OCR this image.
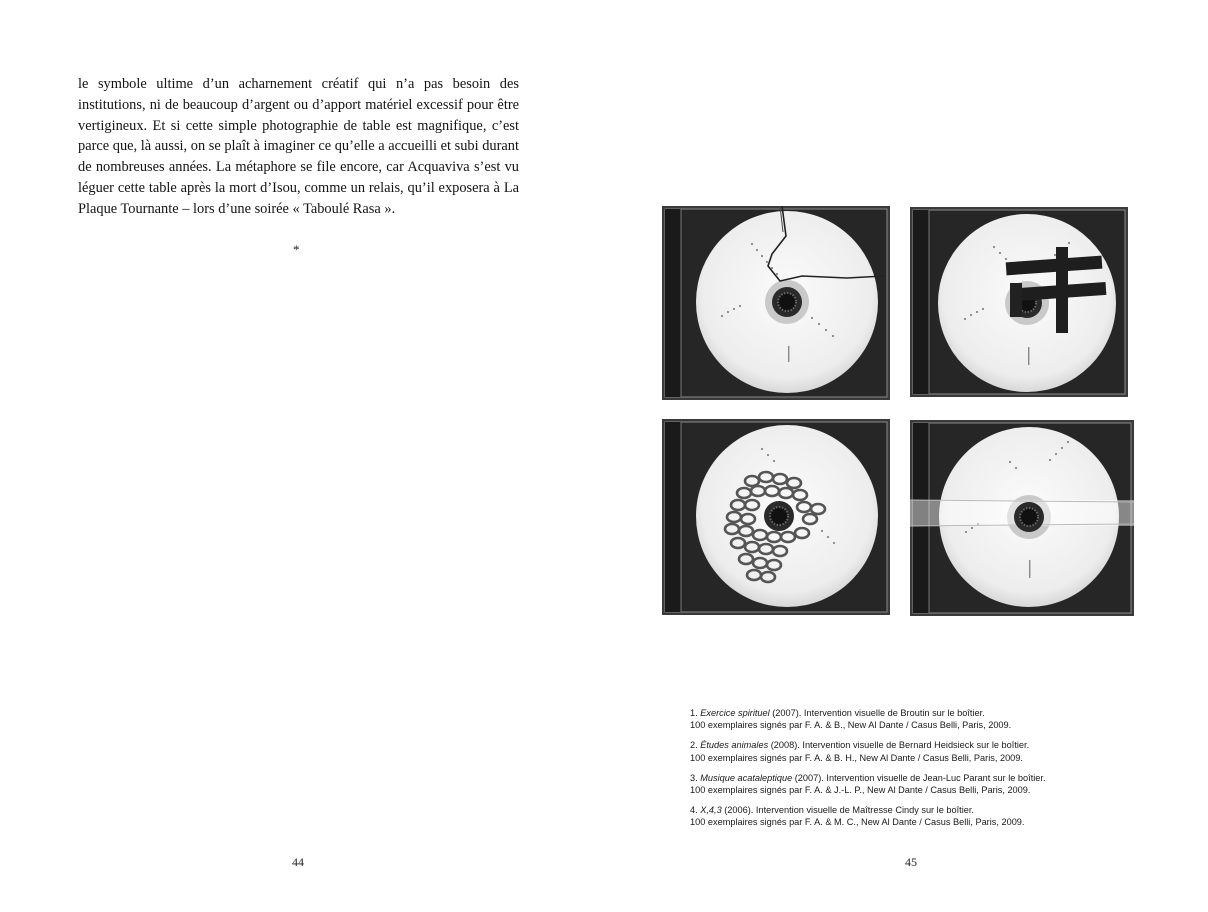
le symbole ultime d’un acharnement créatif qui n’a pas besoin des institutions, ni de beaucoup d’argent ou d’apport matériel excessif pour être vertigineux. Et si cette simple photographie de table est magnifique, c’est parce que, là aussi, on se plaît à imaginer ce qu’elle a accueilli et subi durant de nombreuses années. La métaphore se file encore, car Acquaviva s’est vu léguer cette table après la mort d’Isou, comme un relais, qu’il exposera à La Plaque Tournante – lors d’une soirée « Taboulé Rasa ».

*
44

1. Exercice spirituel (2007). Intervention visuelle de Broutin sur le boîtier.

100 exemplaires signés par F. A. & B., New Al Dante / Casus Belli, Paris, 2009.

2. Études animales (2008). Intervention visuelle de Bernard Heidsieck sur le boîtier.

100 exemplaires signés par F. A. & B. H., New Al Dante / Casus Belli, Paris, 2009.

3. Musique acataleptique (2007). Intervention visuelle de Jean-Luc Parant sur le boîtier.

100 exemplaires signés par F. A. & J.-L. P., New Al Dante / Casus Belli, Paris, 2009.

4. X,4,3 (2006). Intervention visuelle de Maîtresse Cindy sur le boîtier.

100 exemplaires signés par F. A. & M. C., New Al Dante / Casus Belli, Paris, 2009.

45
